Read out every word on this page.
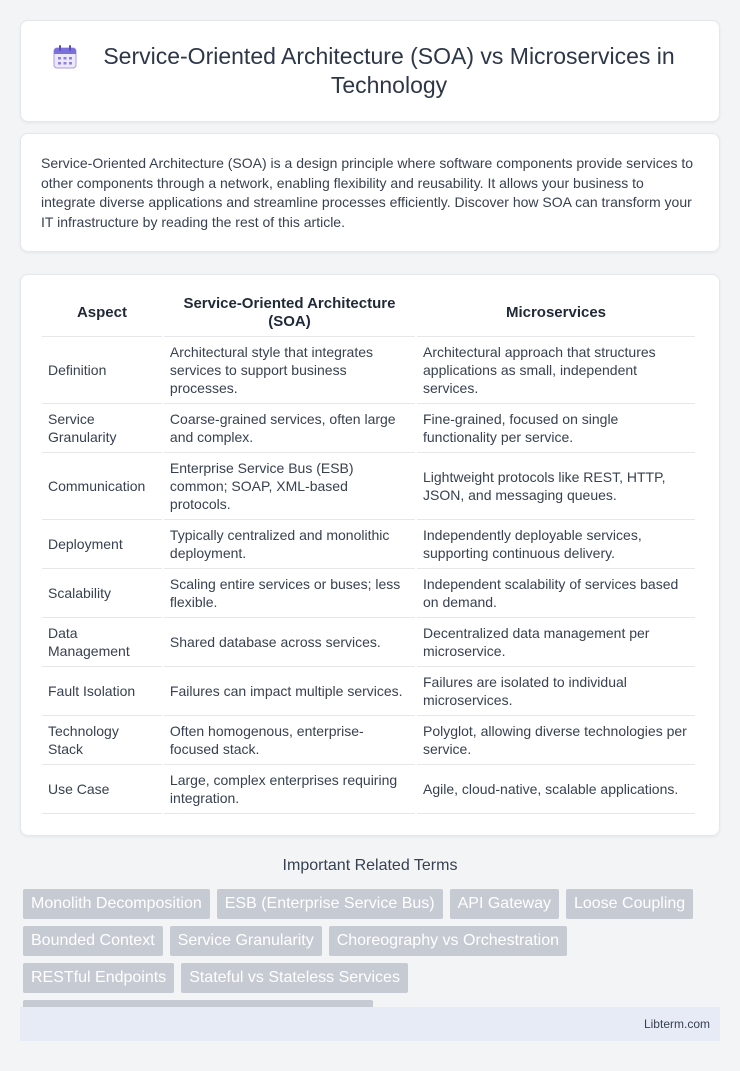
Service-Oriented Architecture (SOA) vs Microservices in Technology

Service-Oriented Architecture (SOA) is a design principle where software components provide services to other components through a network, enabling flexibility and reusability. It allows your business to integrate diverse applications and streamline processes efficiently. Discover how SOA can transform your IT infrastructure by reading the rest of this article.

Aspect	Service-Oriented Architecture (SOA)	Microservices
Definition	Architectural style that integrates services to support business processes.	Architectural approach that structures applications as small, independent services.
Service Granularity	Coarse-grained services, often large and complex.	Fine-grained, focused on single functionality per service.
Communication	Enterprise Service Bus (ESB) common; SOAP, XML-based protocols.	Lightweight protocols like REST, HTTP, JSON, and messaging queues.
Deployment	Typically centralized and monolithic deployment.	Independently deployable services, supporting continuous delivery.
Scalability	Scaling entire services or buses; less flexible.	Independent scalability of services based on demand.
Data Management	Shared database across services.	Decentralized data management per microservice.
Fault Isolation	Failures can impact multiple services.	Failures are isolated to individual microservices.
Technology Stack	Often homogenous, enterprise-focused stack.	Polyglot, allowing diverse technologies per service.
Use Case	Large, complex enterprises requiring integration.	Agile, cloud-native, scalable applications.
Important Related Terms
Monolith Decomposition	ESB (Enterprise Service Bus)	API Gateway	Loose Coupling
Bounded Context	Service Granularity	Choreography vs Orchestration
RESTful Endpoints	Stateful vs Stateless Services
Libterm.com
